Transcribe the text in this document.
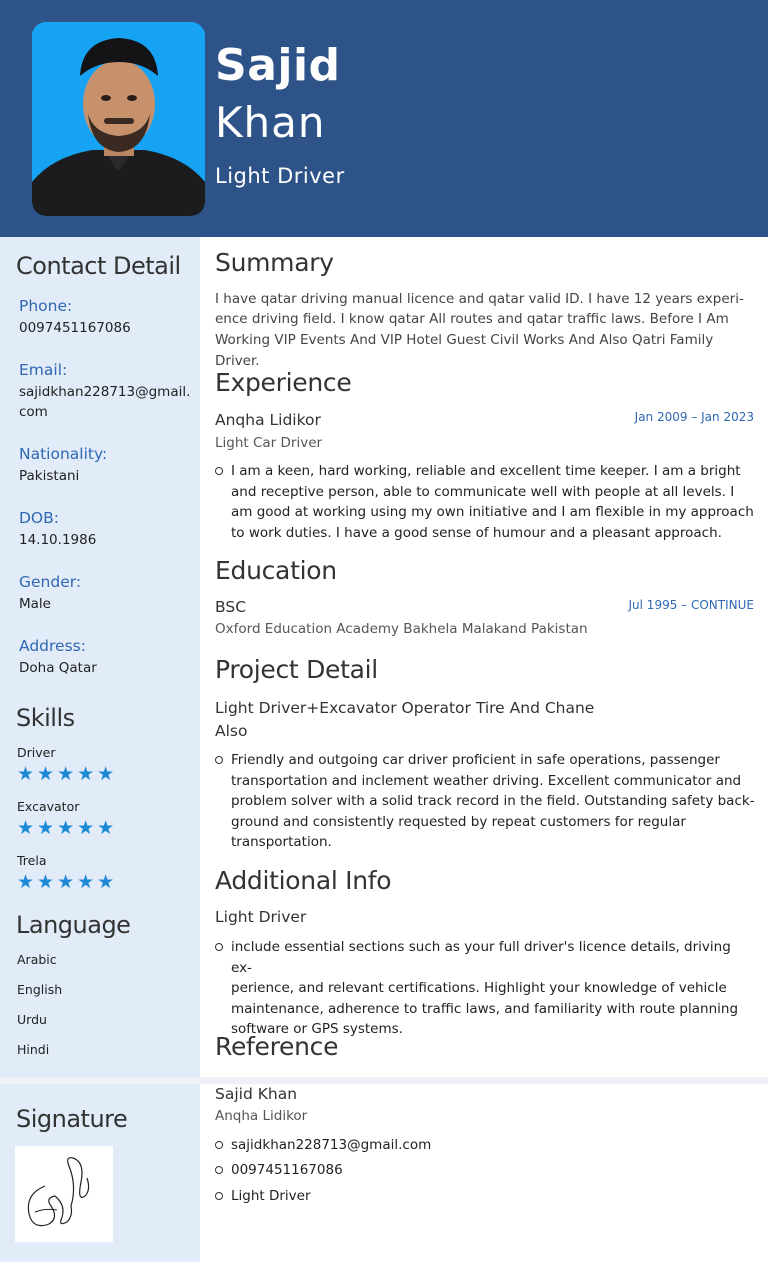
Sajid
Khan
Light Driver
Contact Detail
Phone:
0097451167086
Email:
sajidkhan228713@gmail.
com
Nationality:
Pakistani
DOB:
14.10.1986
Gender:
Male
Address:
Doha Qatar
Skills
Driver
★★★★★
Excavator
★★★★★
Trela
★★★★★
Language
Arabic
English
Urdu
Hindi
Signature
Summary
I have qatar driving manual licence and qatar valid ID. I have 12 years experi-
ence driving field. I know qatar All routes and qatar traffic laws. Before I Am
Working VIP Events And VIP Hotel Guest Civil Works And Also Qatri Family Driver.
Experience
Anqha Lidikor	Jan 2009 – Jan 2023
Light Car Driver
I am a keen, hard working, reliable and excellent time keeper. I am a bright
and receptive person, able to communicate well with people at all levels. I
am good at working using my own initiative and I am flexible in my approach
to work duties. I have a good sense of humour and a pleasant approach.
Education
BSC	Jul 1995 – CONTINUE
Oxford Education Academy Bakhela Malakand Pakistan
Project Detail
Light Driver+Excavator Operator Tire And Chane
Also
Friendly and outgoing car driver proficient in safe operations, passenger
transportation and inclement weather driving. Excellent communicator and
problem solver with a solid track record in the field. Outstanding safety back-
ground and consistently requested by repeat customers for regular
transportation.
Additional Info
Light Driver
include essential sections such as your full driver's licence details, driving ex-
perience, and relevant certifications. Highlight your knowledge of vehicle
maintenance, adherence to traffic laws, and familiarity with route planning
software or GPS systems.
Reference
Sajid Khan
Anqha Lidikor
sajidkhan228713@gmail.com
0097451167086
Light Driver
